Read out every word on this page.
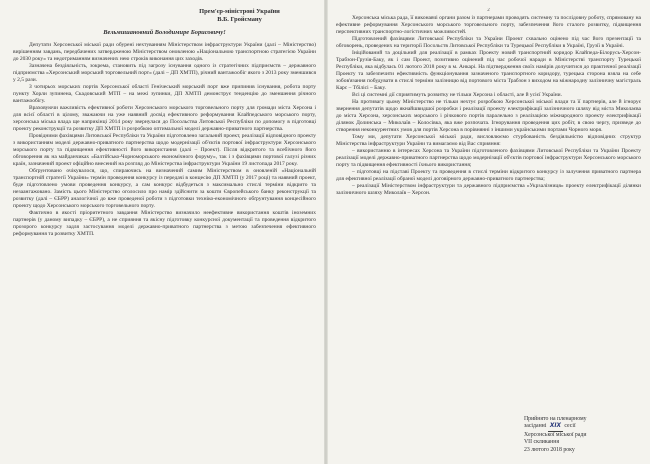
Прем'єр-міністрові України
В.Б. Гройсману
Вельмишановний Володимире Борисовичу!

Депутати Херсонської міської ради обурені нехтуванням Міністерством інфраструктури України (далі – Міністерство) вирішенням завдань, передбачених затвердженою Міністерством оновленою «Національною транспортною стратегією України до 2030 року» та недотриманням визначених нею строків виконання цих заходів.

Зазначена бездіяльність, зокрема, становить під загрозу існування одного із стратегічних підприємств – державного підприємства «Херсонський морський торговельний порт» (далі – ДП ХМТП), річний вантажообіг якого з 2013 року зменшився у 2,5 рази.

З чотирьох морських портів Херсонської області Генічеський морський порт вже припинив існування, робота порту пункту Хорли зупинена, Скадовський МТП – на межі зупинки, ДП ХМТП демонструє тенденцію до зменшення річного вантажообігу.

Враховуючи важливість ефективної роботи Херсонського морського торговельного порту для громади міста Херсона і для всієї області в цілому, зважаючи на уже наявний досвід ефективного реформування Клайпедського морського порту, херсонська міська влада ще наприкінці 2014 року звернулася до Посольства Литовської Республіки по допомогу в підготовці проекту реконструкції та розвитку ДП ХМТП із розробкою оптимальної моделі державно-приватного партнерства.

Провідними фахівцями Литовської Республіки та України підготовлено загальний проект, реалізації відповідного проекту з використанням моделі державно-приватного партнерства щодо модернізації об'єктів портової інфраструктури Херсонського морського порту та підвищення ефективності його використання (далі – Проект). Після відкритого та всебічного його обговорення як на майданчиках «Балтійсько-Чорноморського економічного форуму», так і з фахівцями портової галузі різних країн, зазначений проект офіційно внесений на розгляд до Міністерства інфраструктури України 19 листопада 2017 року.

Обґрунтовано очікувалося, що, спираючись на визначений самим Міністерством в оновленій «Національній транспортній стратегії України» термін проведення конкурсу із передачі в концесію ДП ХМТП (у 2017 році) та наявний проект, буде підготовлено умови проведення конкурсу, а сам конкурс відбудеться з максимально стислі терміни відкрито та незаангажовано. Замість цього Міністерство оголосило про намір здійснити за кошти Європейського банку реконструкції та розвитку (далі – ЄБРР) аналогічної до вже проведеної роботи з підготовки техніко-економічного обґрунтування концесійного проекту щодо Херсонського морського торговельного порту.

Фактично в якості пріоритетного завдання Міністерство визначило неефективне використання коштів іноземних партнерів (у даному випадку – ЄБРР), а не сприяння та якісну підготовку конкурсної документації та проведення відкритого прозорого конкурсу задля застосування моделі державно-приватного партнерства з метою забезпечення ефективного реформування та розвитку ХМТП.

2

Херсонська міська рада, її виконавчі органи разом із партнерами проводять системну та послідовну роботу, спрямовану на ефективне реформування Херсонського морського торговельного порту, забезпечення його сталого розвитку, підвищення перспективних транспортно-логістичних можливостей.

Підготовлений фахівцями Литовської Республіки та України Проект схвально оцінено під час його презентації та обговорень, проведених на території Посольств Литовської Республіки та Турецької Республіки в Україні, Грузії в Україні.

Ініційований та доцільний для реалізації в рамках Проекту новий транспортний коридор Клайпеда-Білорусь-Херсон-Трабзон-Грузія-Баку, як і сам Проект, позитивно оцінений під час робочої наради в Міністерстві транспорту Турецької Республіки, яка відбулась 01 лютого 2018 року в м. Анкарі. На підтвердження своїх намірів долучитися до практичної реалізації Проекту та забезпечити ефективність функціонування зазначеного транспортного коридору, турецька сторона взяла на себе зобов'язання побудувати в стислі терміни залізницю від портового міста Трабзон з виходом на міжнародну залізничну магістраль Карс – Тбілісі – Баку.

Всі ці системні дії сприятимуть розвитку не тільки Херсона і області, але й усієї України.

На противагу цьому Міністерство не тільки нехтує розробкою Херсонської міської влади та її партнерів, але й ігнорує звернення депутатів щодо якнайшвидшої розробки і реалізації проекту електрифікації залізничного шляху від міста Миколаєва до міста Херсона, херсонських морського і річкового портів паралельно з реалізацією міжнародного проекту електрифікації ділянок Долинська – Миколаїв – Колосівка, яка вже розпочата. Ігнорування проведення цих робіт, в свою чергу, призведе до створення неконкурентних умов для портів Херсона в порівнянні з іншими українськими портами Чорного моря.

Тому ми, депутати Херсонської міської ради, висловлюємо стурбованість бездіяльністю відповідних структур Міністерства інфраструктури України та вимагаємо від Вас сприяння:

– використанню в інтересах Херсона та України підготовленого фахівцями Литовської Республіки та України Проекту реалізації моделі державно-приватного партнерства щодо модернізації об'єктів портової інфраструктури Херсонського морського порту та підвищення ефективності їхнього використання;

– підготовці на підставі Проекту та проведення в стислі терміни відкритого конкурсу із залучення приватного партнера для ефективної реалізації обраної моделі договірного державно-приватного партнерства;

– реалізації Міністерством інфраструктури та державного підприємства «Укрзалізниця» проекту електрифікації ділянки залізничного шляху Миколаїв – Херсон.

Прийнято на пленарному
засіданні XIX сесії
Херсонської міської ради
VII скликання
23 лютого 2018 року
